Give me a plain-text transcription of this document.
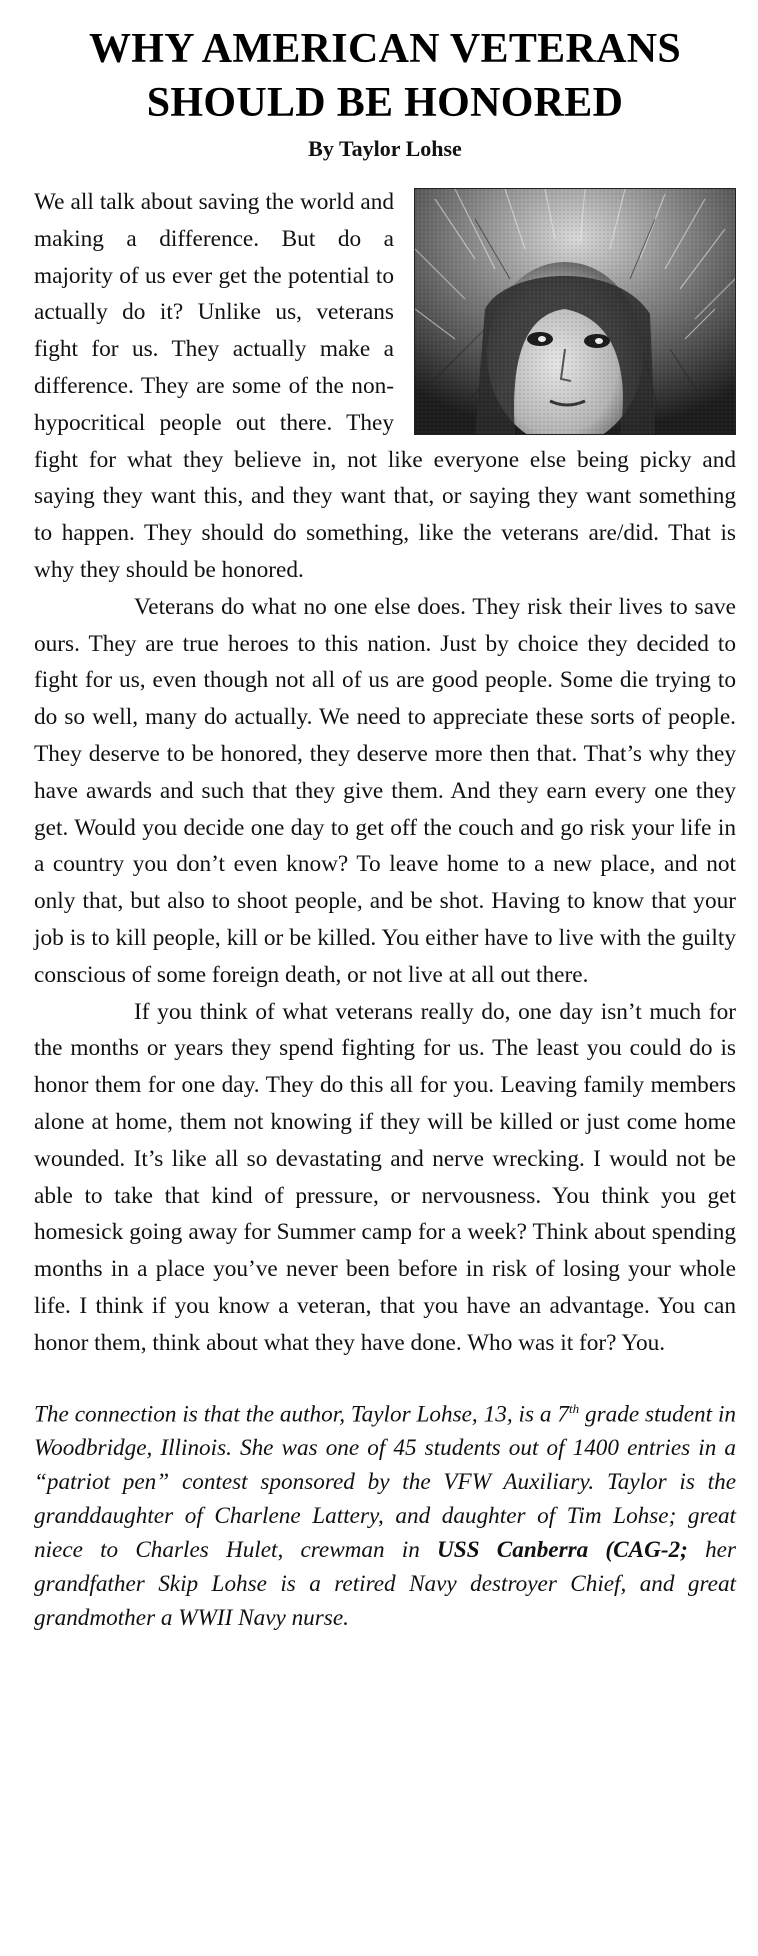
WHY AMERICAN VETERANS
SHOULD BE HONORED
By Taylor Lohse

We all talk about saving the world and making a difference. But do a majority of us ever get the potential to actually do it? Unlike us, veterans fight for us. They actually make a difference. They are some of the non-hypocritical people out there. They fight for what they believe in, not like everyone else being picky and saying they want this, and they want that, or saying they want something to happen. They should do something, like the veterans are/did. That is why they should be honored.

Veterans do what no one else does. They risk their lives to save ours. They are true heroes to this nation. Just by choice they decided to fight for us, even though not all of us are good people. Some die trying to do so well, many do actually. We need to appreciate these sorts of people. They deserve to be honored, they deserve more then that. That’s why they have awards and such that they give them. And they earn every one they get. Would you decide one day to get off the couch and go risk your life in a country you don’t even know? To leave home to a new place, and not only that, but also to shoot people, and be shot. Having to know that your job is to kill people, kill or be killed. You either have to live with the guilty conscious of some foreign death, or not live at all out there.

If you think of what veterans really do, one day isn’t much for the months or years they spend fighting for us. The least you could do is honor them for one day. They do this all for you. Leaving family members alone at home, them not knowing if they will be killed or just come home wounded. It’s like all so devastating and nerve wrecking. I would not be able to take that kind of pressure, or nervousness. You think you get homesick going away for Summer camp for a week? Think about spending months in a place you’ve never been before in risk of losing your whole life. I think if you know a veteran, that you have an advantage. You can honor them, think about what they have done. Who was it for? You.

The connection is that the author, Taylor Lohse, 13, is a 7th grade student in Woodbridge, Illinois. She was one of 45 students out of 1400 entries in a “patriot pen” contest sponsored by the VFW Auxiliary. Taylor is the granddaughter of Charlene Lattery, and daughter of Tim Lohse; great niece to Charles Hulet, crewman in USS Canberra (CAG-2; her grandfather Skip Lohse is a retired Navy destroyer Chief, and great grandmother a WWII Navy nurse.
